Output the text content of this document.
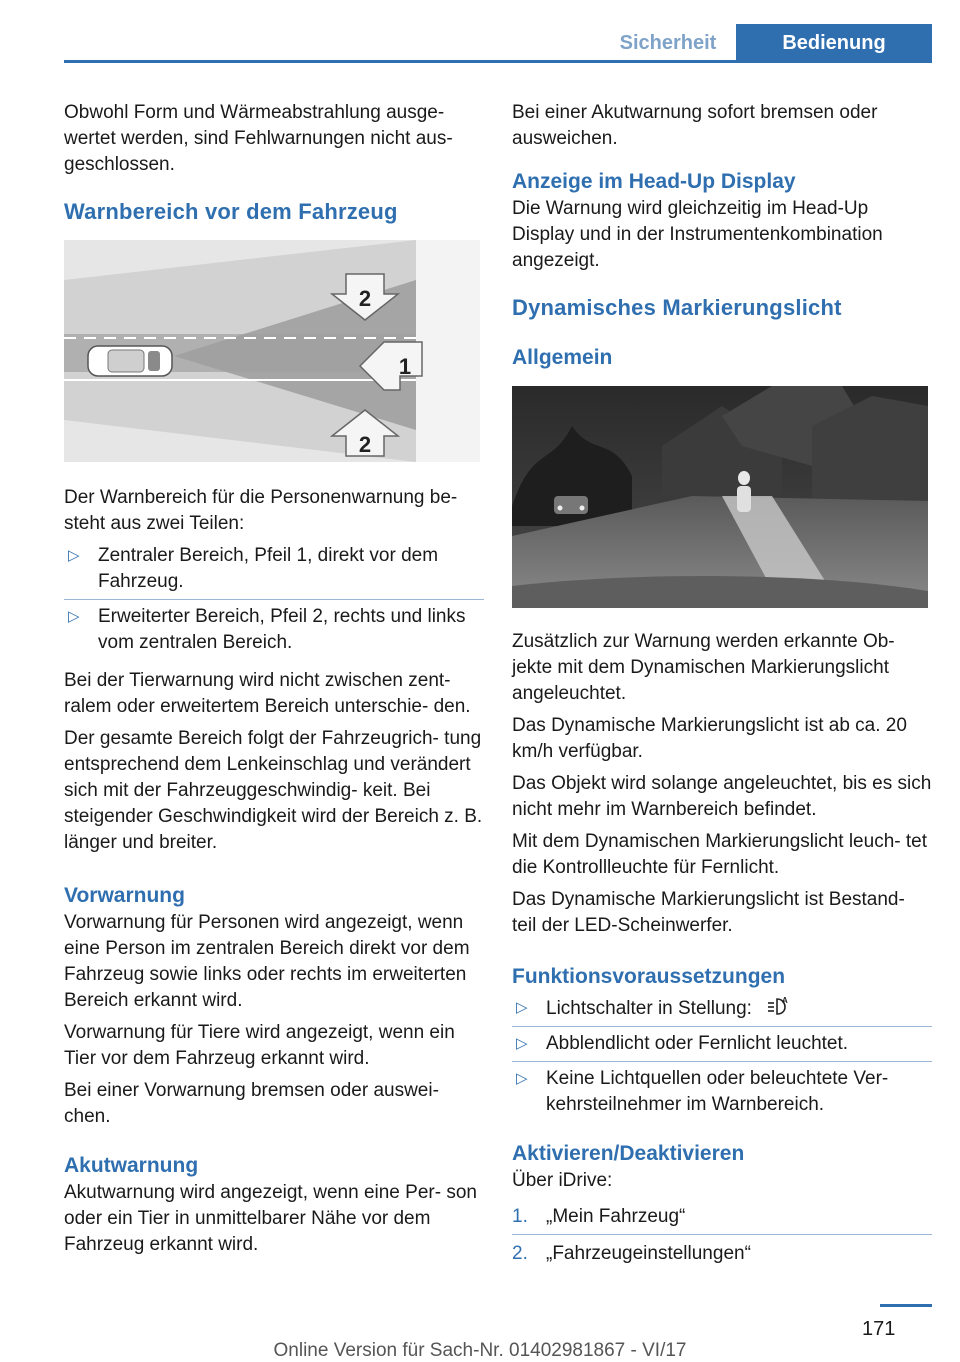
Sicherheit	Bedienung

Obwohl Form und Wärmeabstrahlung ausge‐ wertet werden, sind Fehlwarnungen nicht aus‐ geschlossen.

Warnbereich vor dem Fahrzeug
2
1
2

Der Warnbereich für die Personenwarnung be‐ steht aus zwei Teilen:

▷ Zentraler Bereich, Pfeil 1, direkt vor dem Fahrzeug.
▷ Erweiterter Bereich, Pfeil 2, rechts und links vom zentralen Bereich.

Bei der Tierwarnung wird nicht zwischen zent‐ ralem oder erweitertem Bereich unterschie‐ den.

Der gesamte Bereich folgt der Fahrzeugrich‐ tung entsprechend dem Lenkeinschlag und verändert sich mit der Fahrzeuggeschwindig‐ keit. Bei steigender Geschwindigkeit wird der Bereich z. B. länger und breiter.

Vorwarnung

Vorwarnung für Personen wird angezeigt, wenn eine Person im zentralen Bereich direkt vor dem Fahrzeug sowie links oder rechts im erweiterten Bereich erkannt wird.

Vorwarnung für Tiere wird angezeigt, wenn ein Tier vor dem Fahrzeug erkannt wird.

Bei einer Vorwarnung bremsen oder auswei‐ chen.

Akutwarnung

Akutwarnung wird angezeigt, wenn eine Per‐ son oder ein Tier in unmittelbarer Nähe vor dem Fahrzeug erkannt wird.

Bei einer Akutwarnung sofort bremsen oder ausweichen.

Anzeige im Head-Up Display

Die Warnung wird gleichzeitig im Head-Up Display und in der Instrumentenkombination angezeigt.

Dynamisches Markierungslicht
Allgemein

Zusätzlich zur Warnung werden erkannte Ob‐ jekte mit dem Dynamischen Markierungslicht angeleuchtet.

Das Dynamische Markierungslicht ist ab ca. 20 km/h verfügbar.

Das Objekt wird solange angeleuchtet, bis es sich nicht mehr im Warnbereich befindet.

Mit dem Dynamischen Markierungslicht leuch‐ tet die Kontrollleuchte für Fernlicht.

Das Dynamische Markierungslicht ist Bestand‐ teil der LED-Scheinwerfer.

Funktionsvoraussetzungen
▷ Lichtschalter in Stellung:	A
▷ Abblendlicht oder Fernlicht leuchtet.
▷ Keine Lichtquellen oder beleuchtete Ver‐ kehrsteilnehmer im Warnbereich.
Aktivieren/Deaktivieren

Über iDrive:

1. „Mein Fahrzeug“
2. „Fahrzeugeinstellungen“
171
Online Version für Sach-Nr. 01402981867 - VI/17
